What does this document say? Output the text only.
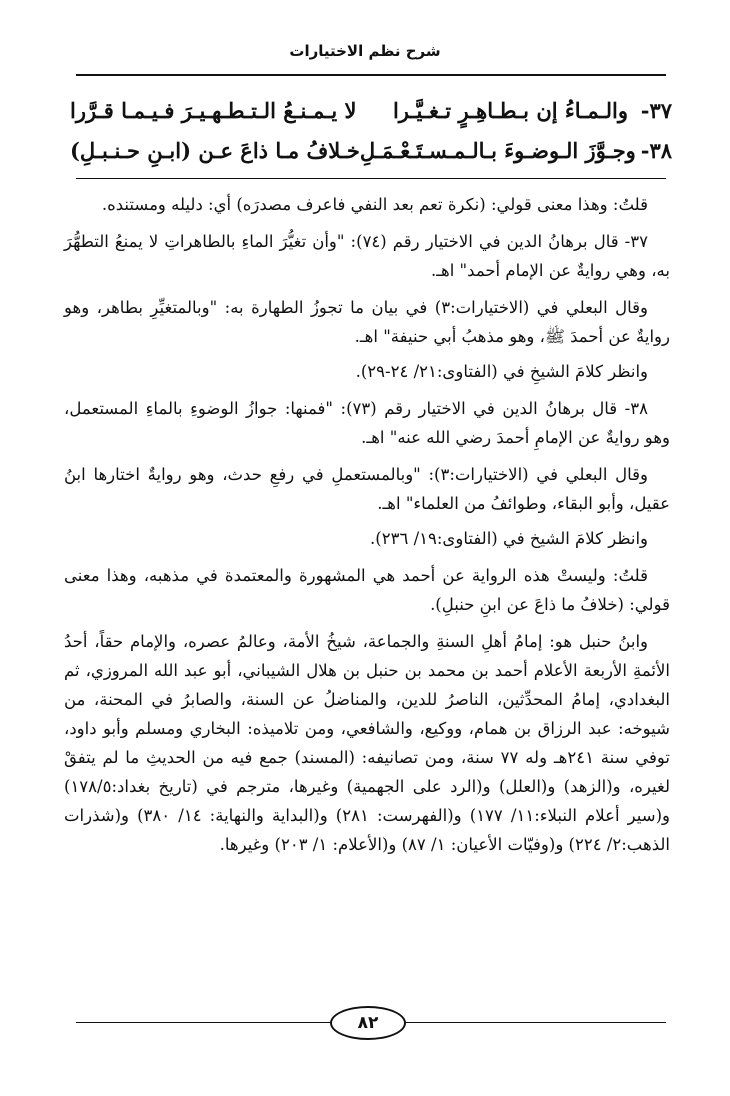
شرح نظم الاختيارات
٣٧-
والـمـاءُ إن بـطـاهِـرٍ تـغـيَّـرا
لا يـمـنـعُ الـتـطـهـيـرَ فـيـمـا قـرَّرا
٣٨-
وجـوَّزَ الـوضـوءَ بـالـمـسـتَـعْـمَـلِ
خـلافُ مـا ذاعَ عـن (ابـنِ حـنـبـلِ)

قلتُ: وهذا معنى قولي: (نكرة تعم بعد النفي فاعرف مصدرَه) أي: دليله ومستنده.

٣٧- قال برهانُ الدين في الاختيار رقم (٧٤): "وأن تغيُّرَ الماءِ بالطاهراتِ لا يمنعُ التطهُّرَ به، وهي روايةٌ عن الإمام أحمد" اهـ.

وقال البعلي في (الاختيارات:٣) في بيان ما تجوزُ الطهارة به: "وبالمتغيِّرِ بطاهر، وهو روايةٌ عن أحمدَ ﷺ، وهو مذهبُ أبي حنيفة" اهـ.

وانظر كلامَ الشيخِ في (الفتاوى:٢١/ ٢٤-٢٩).

٣٨- قال برهانُ الدين في الاختيار رقم (٧٣): "فمنها: جوازُ الوضوءِ بالماءِ المستعمل، وهو روايةٌ عن الإمامِ أحمدَ رضي الله عنه" اهـ.

وقال البعلي في (الاختيارات:٣): "وبالمستعملِ في رفعِ حدث، وهو روايةٌ اختارها ابنُ عقيل، وأبو البقاء، وطوائفُ من العلماء" اهـ.

وانظر كلامَ الشيخ في (الفتاوى:١٩/ ٢٣٦).

قلتُ: وليستْ هذه الرواية عن أحمد هي المشهورة والمعتمدة في مذهبه، وهذا معنى قولي: (خلافُ ما ذاعَ عن ابنِ حنبلِ).

وابنُ حنبل هو: إمامُ أهلِ السنةِ والجماعة، شيخُ الأمة، وعالمُ عصره، والإمام حقاً، أحدُ الأئمةِ الأربعة الأعلام أحمد بن محمد بن حنبل بن هلال الشيباني، أبو عبد الله المروزي، ثم البغدادي، إمامُ المحدِّثين، الناصرُ للدين، والمناضلُ عن السنة، والصابرُ في المحنة، من شيوخه: عبد الرزاق بن همام، ووكيع، والشافعي، ومن تلاميذه: البخاري ومسلم وأبو داود، توفي سنة ٢٤١هـ وله ٧٧ سنة، ومن تصانيفه: (المسند) جمع فيه من الحديثِ ما لم يتفقْ لغيره، و(الزهد) و(العلل) و(الرد على الجهمية) وغيرها، مترجم في (تاريخ بغداد:١٧٨/٥) و(سير أعلام النبلاء:١١/ ١٧٧) و(الفهرست: ٢٨١) و(البداية والنهاية: ١٤/ ٣٨٠) و(شذرات الذهب:٢/ ٢٢٤) و(وفيّات الأعيان: ١/ ٨٧) و(الأعلام: ١/ ٢٠٣) وغيرها.

٨٢
